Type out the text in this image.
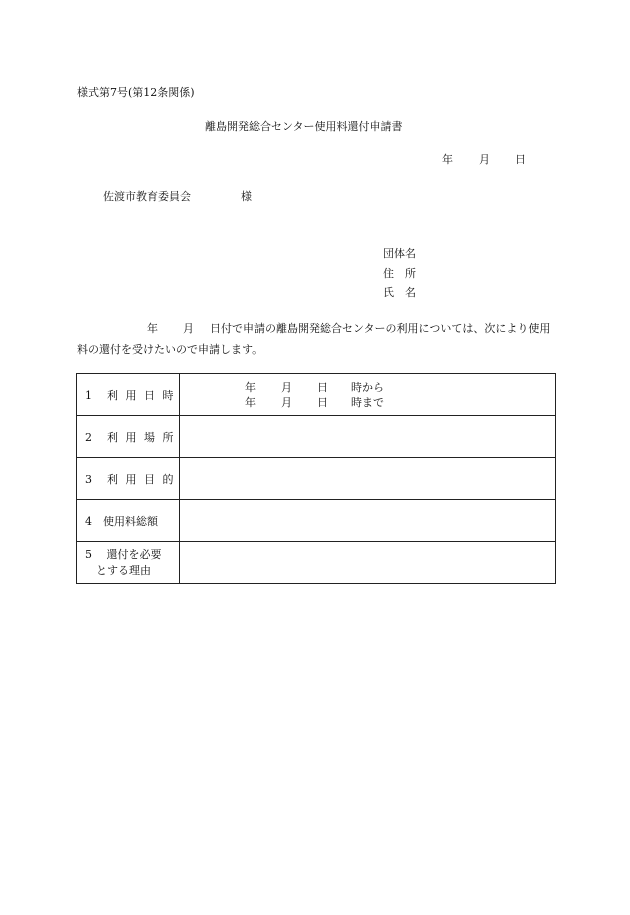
様式第7号(第12条関係)
離島開発総合センター使用料還付申請書
年 月 日
佐渡市教育委員会	様
団体名
住　所
氏　名
年 月 日付で申請の離島開発総合センターの利用については、次により使用料の還付を受けたいので申請します。
1　利 用 日 時	年 月 日 時から
年 月 日 時まで

2　利 用 場 所	
3　利 用 目 的	
4　使用料総額	

5　 還付を必要
　とする理由	
